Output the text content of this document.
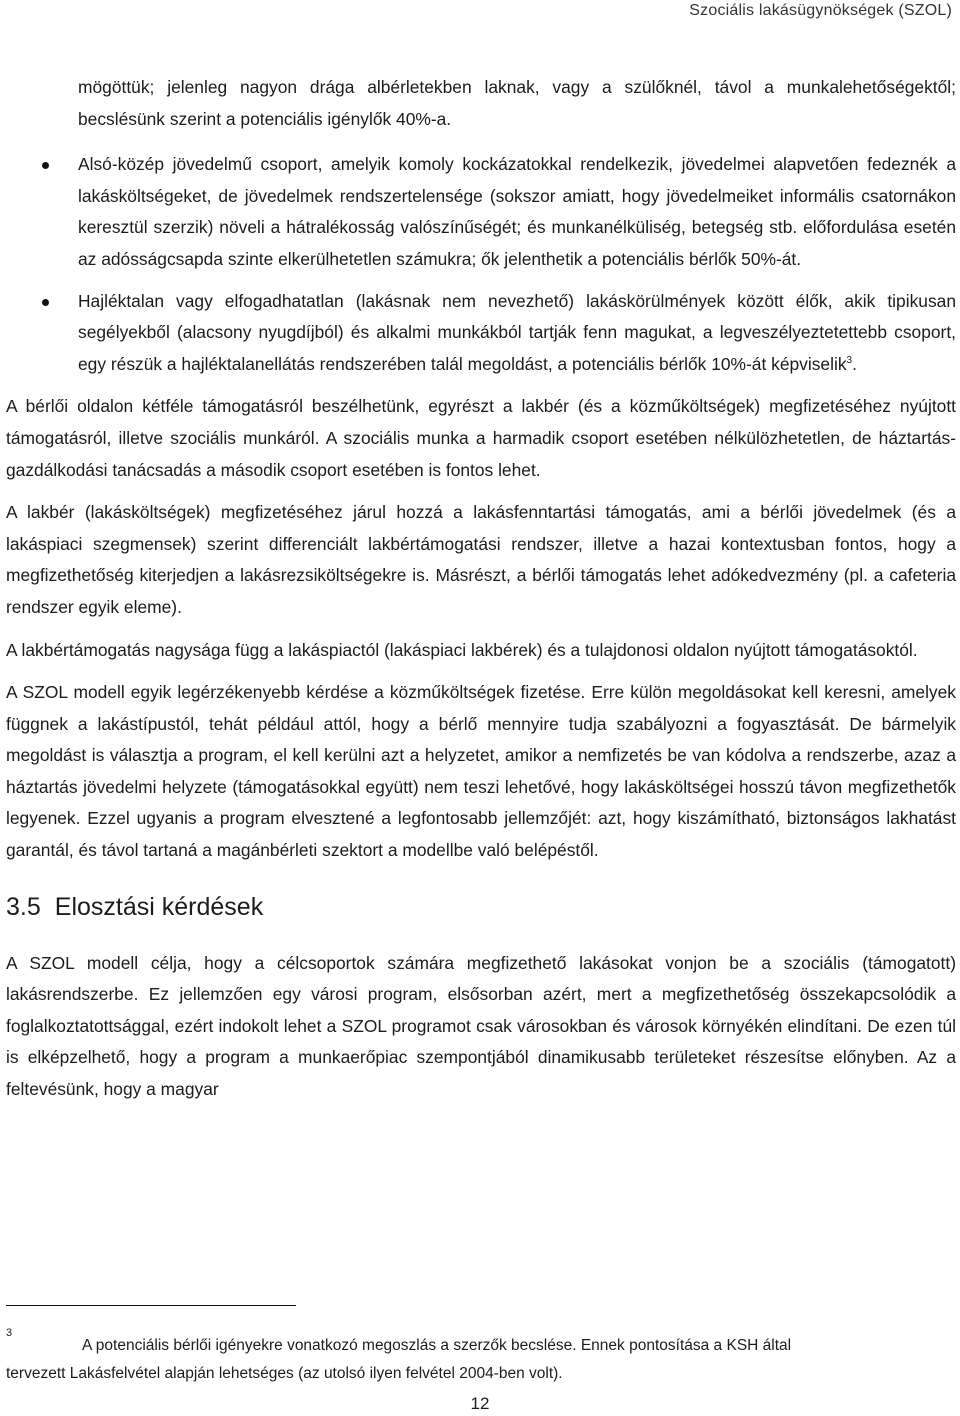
Szociális lakásügynökségek (SZOL)

mögöttük; jelenleg nagyon drága albérletekben laknak, vagy a szülőknél, távol a munkalehetőségektől; becslésünk szerint a potenciális igénylők 40%-a.

Alsó-közép jövedelmű csoport, amelyik komoly kockázatokkal rendelkezik, jövedelmei alapvetően fedeznék a lakásköltségeket, de jövedelmek rendszertelensége (sokszor amiatt, hogy jövedelmeiket informális csatornákon keresztül szerzik) növeli a hátralékosság valószínűségét; és munkanélküliség, betegség stb. előfordulása esetén az adósságcsapda szinte elkerülhetetlen számukra; ők jelenthetik a potenciális bérlők 50%-át.

Hajléktalan vagy elfogadhatatlan (lakásnak nem nevezhető) lakáskörülmények között élők, akik tipikusan segélyekből (alacsony nyugdíjból) és alkalmi munkákból tartják fenn magukat, a legveszélyeztetettebb csoport, egy részük a hajléktalanellátás rendszerében talál megoldást, a potenciális bérlők 10%-át képviselik$^3$.

A bérlői oldalon kétféle támogatásról beszélhetünk, egyrészt a lakbér (és a közműköltségek) megfizetéséhez nyújtott támogatásról, illetve szociális munkáról. A szociális munka a harmadik csoport esetében nélkülözhetetlen, de háztartás-gazdálkodási tanácsadás a második csoport esetében is fontos lehet.

A lakbér (lakásköltségek) megfizetéséhez járul hozzá a lakásfenntartási támogatás, ami a bérlői jövedelmek (és a lakáspiaci szegmensek) szerint differenciált lakbértámogatási rendszer, illetve a hazai kontextusban fontos, hogy a megfizethetőség kiterjedjen a lakásrezsiköltségekre is. Másrészt, a bérlői támogatás lehet adókedvezmény (pl. a cafeteria rendszer egyik eleme).

A lakbértámogatás nagysága függ a lakáspiactól (lakáspiaci lakbérek) és a tulajdonosi oldalon nyújtott támogatásoktól.

A SZOL modell egyik legérzékenyebb kérdése a közműköltségek fizetése. Erre külön megoldásokat kell keresni, amelyek függnek a lakástípustól, tehát például attól, hogy a bérlő mennyire tudja szabályozni a fogyasztását. De bármelyik megoldást is választja a program, el kell kerülni azt a helyzetet, amikor a nemfizetés be van kódolva a rendszerbe, azaz a háztartás jövedelmi helyzete (támogatásokkal együtt) nem teszi lehetővé, hogy lakásköltségei hosszú távon megfizethetők legyenek. Ezzel ugyanis a program elvesztené a legfontosabb jellemzőjét: azt, hogy kiszámítható, biztonságos lakhatást garantál, és távol tartaná a magánbérleti szektort a modellbe való belépéstől.

3.5 Elosztási kérdések

A SZOL modell célja, hogy a célcsoportok számára megfizethető lakásokat vonjon be a szociális (támogatott) lakásrendszerbe. Ez jellemzően egy városi program, elsősorban azért, mert a megfizethetőség összekapcsolódik a foglalkoztatottsággal, ezért indokolt lehet a SZOL programot csak városokban és városok környékén elindítani. De ezen túl is elképzelhető, hogy a program a munkaerőpiac szempontjából dinamikusabb területeket részesítse előnyben. Az a feltevésünk, hogy a magyar

3
A potenciális bérlői igényekre vonatkozó megoszlás a szerzők becslése. Ennek pontosítása a KSH által
tervezett Lakásfelvétel alapján lehetséges (az utolsó ilyen felvétel 2004-ben volt).
12
